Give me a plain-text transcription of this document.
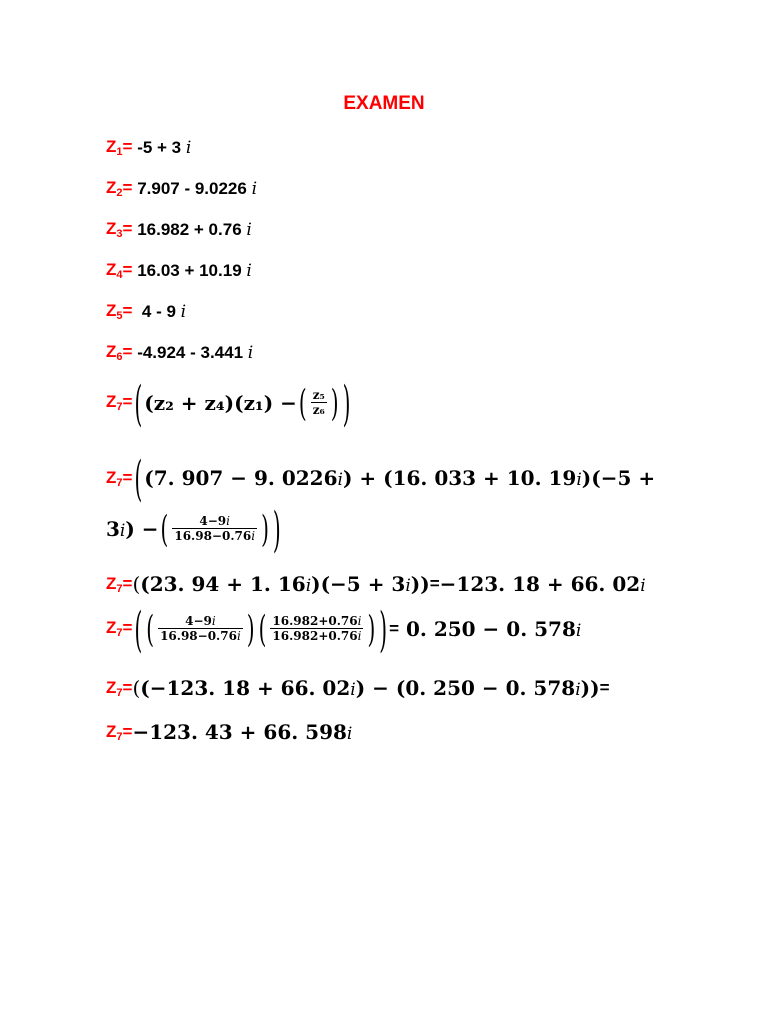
EXAMEN
$Z_1= -5 + 3$ i
$Z_2= 7.907 - 9.0226$ i
$Z_3= 16.982 + 0.76$ i
$Z_4= 16.03 + 10.19$ i
$Z_5= 4 - 9$ i
$Z_6= -4.924 - 3.441$ i
$Z_7=$ ( (z₂ + z₄)(z₁) − ( $\frac{\text{z₅}}{\text{z₆}}$ ) )
$Z_7=$ ( (7. 907 − 9. 0226i) + (16. 033 + 10. 19i)(−5 +
3i) − ( $\frac{4-9i}{16.98-0.76i}$ ) )
$Z_7=$ ( (23. 94 + 1. 16i)(−5 + 3i)) = −123. 18 + 66. 02i
$Z_7=$ ( ( $\frac{4-9i}{16.98-0.76i}$ ) ( $\frac{16.982+0.76i}{16.982+0.76i}$ ) ) = 0. 250 − 0. 578i
$Z_7=$ ( (−123. 18 + 66. 02i) − (0. 250 − 0. 578i)) =
$Z_7= -123$. 43 + 66. 598i
